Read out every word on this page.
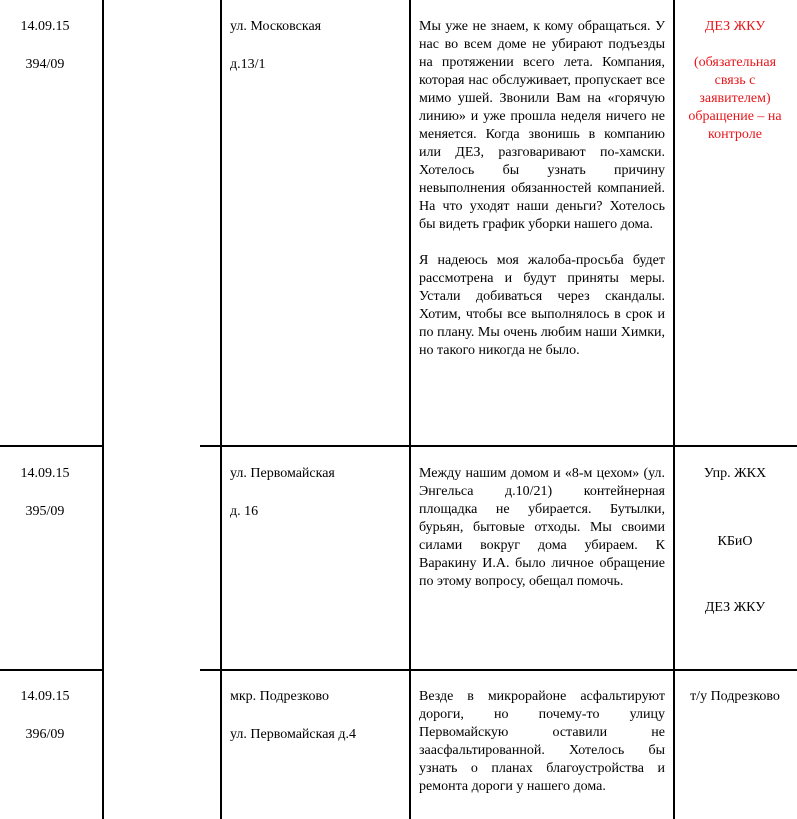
14.09.15
394/09
ул. Московская
д.13/1
Мы уже не знаем, к кому обращаться. У нас во всем доме не убирают подъезды на протяжении всего лета. Компания, которая нас обслуживает, пропускает все мимо ушей. Звонили Вам на «горячую линию» и уже прошла неделя ничего не меняется. Когда звонишь в компанию или ДЕЗ, разговаривают по-хамски. Хотелось бы узнать причину невыполнения обязанностей компанией. На что уходят наши деньги? Хотелось бы видеть график уборки нашего дома.
Я надеюсь моя жалоба-просьба будет рассмотрена и будут приняты меры. Устали добиваться через скандалы. Хотим, чтобы все выполнялось в срок и по плану. Мы очень любим наши Химки, но такого никогда не было.
ДЕЗ ЖКУ
(обязательная связь с заявителем) обращение – на контроле
14.09.15
395/09
ул. Первомайская
д. 16
Между нашим домом и «8-м цехом» (ул. Энгельса д.10/21) контейнерная площадка не убирается. Бутылки, бурьян, бытовые отходы. Мы своими силами вокруг дома убираем. К Варакину И.А. было личное обращение по этому вопросу, обещал помочь.
Упр. ЖКХ
КБиО
ДЕЗ ЖКУ
14.09.15
396/09
мкр. Подрезково
ул. Первомайская д.4
Везде в микрорайоне асфальтируют дороги, но почему-то улицу Первомайскую оставили не заасфальтированной. Хотелось бы узнать о планах благоустройства и ремонта дороги у нашего дома.
т/у Подрезково
